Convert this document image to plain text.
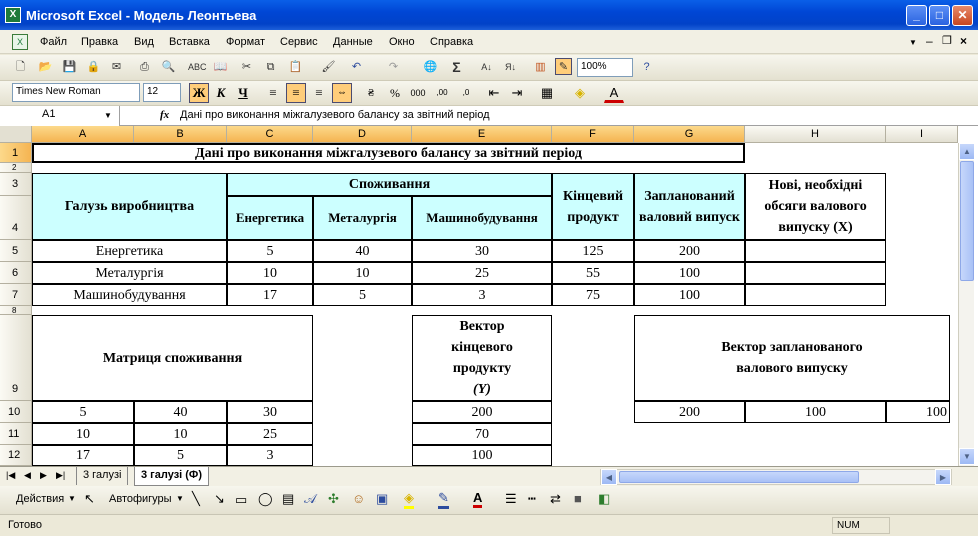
X Microsoft Excel - Модель Леонтьева	_	□	✕
X	Файл Правка Вид Вставка Формат Сервис Данные Окно Справка	▼ – ❐ ×
🗋	📂 💾 🔒	✉	⎙	🔍 ABC 📖	✂	⧉	📋 🖌	↶	↷	🌐	Σ	A↓	Я↓ ▥	✎	100%	?
Times New Roman	12	Ж К Ч	≡	≡	≡	⇔	₴	%	000	,00	,0	⇤ ⇥	▦	◈	A
A1	▼	fx Дані про виконання міжгалузевого балансу за звітний період
A	B	C	D	E	F	G	H	I
1
2
3
4
5
6
7
8
9
10
11
12
Дані про виконання міжгалузевого балансу за звітний період
Галузь виробництва
Споживання
Енергетика	Металургія	Машинобудування
Кінцевий продукт
Запланований валовий випуск
Нові, необхідні обсяги валового випуску (X)
Енергетика	5	40	30	125	200
Металургія	10	10	25	55	100
Машинобудування	17	5	3	75	100
Матриця споживання
5	40	30
10	10	25
17	5	3
Вектор кінцевого продукту
(Y)
200
70
100
Вектор запланованого валового випуску
200	100	100
▲
▼
|◀ ◀ ▶ ▶|	3 галузі	3 галузі (Ф)	◀	▶
Действия ▼ ↖ Автофигуры ▼ ╲ ↘ ▭ ◯ ▤ 𝒜 ✣ ☺ ▣ ◈ ✎ A ☰ ┅ ⇄ ■ ◧
Готово	NUM
